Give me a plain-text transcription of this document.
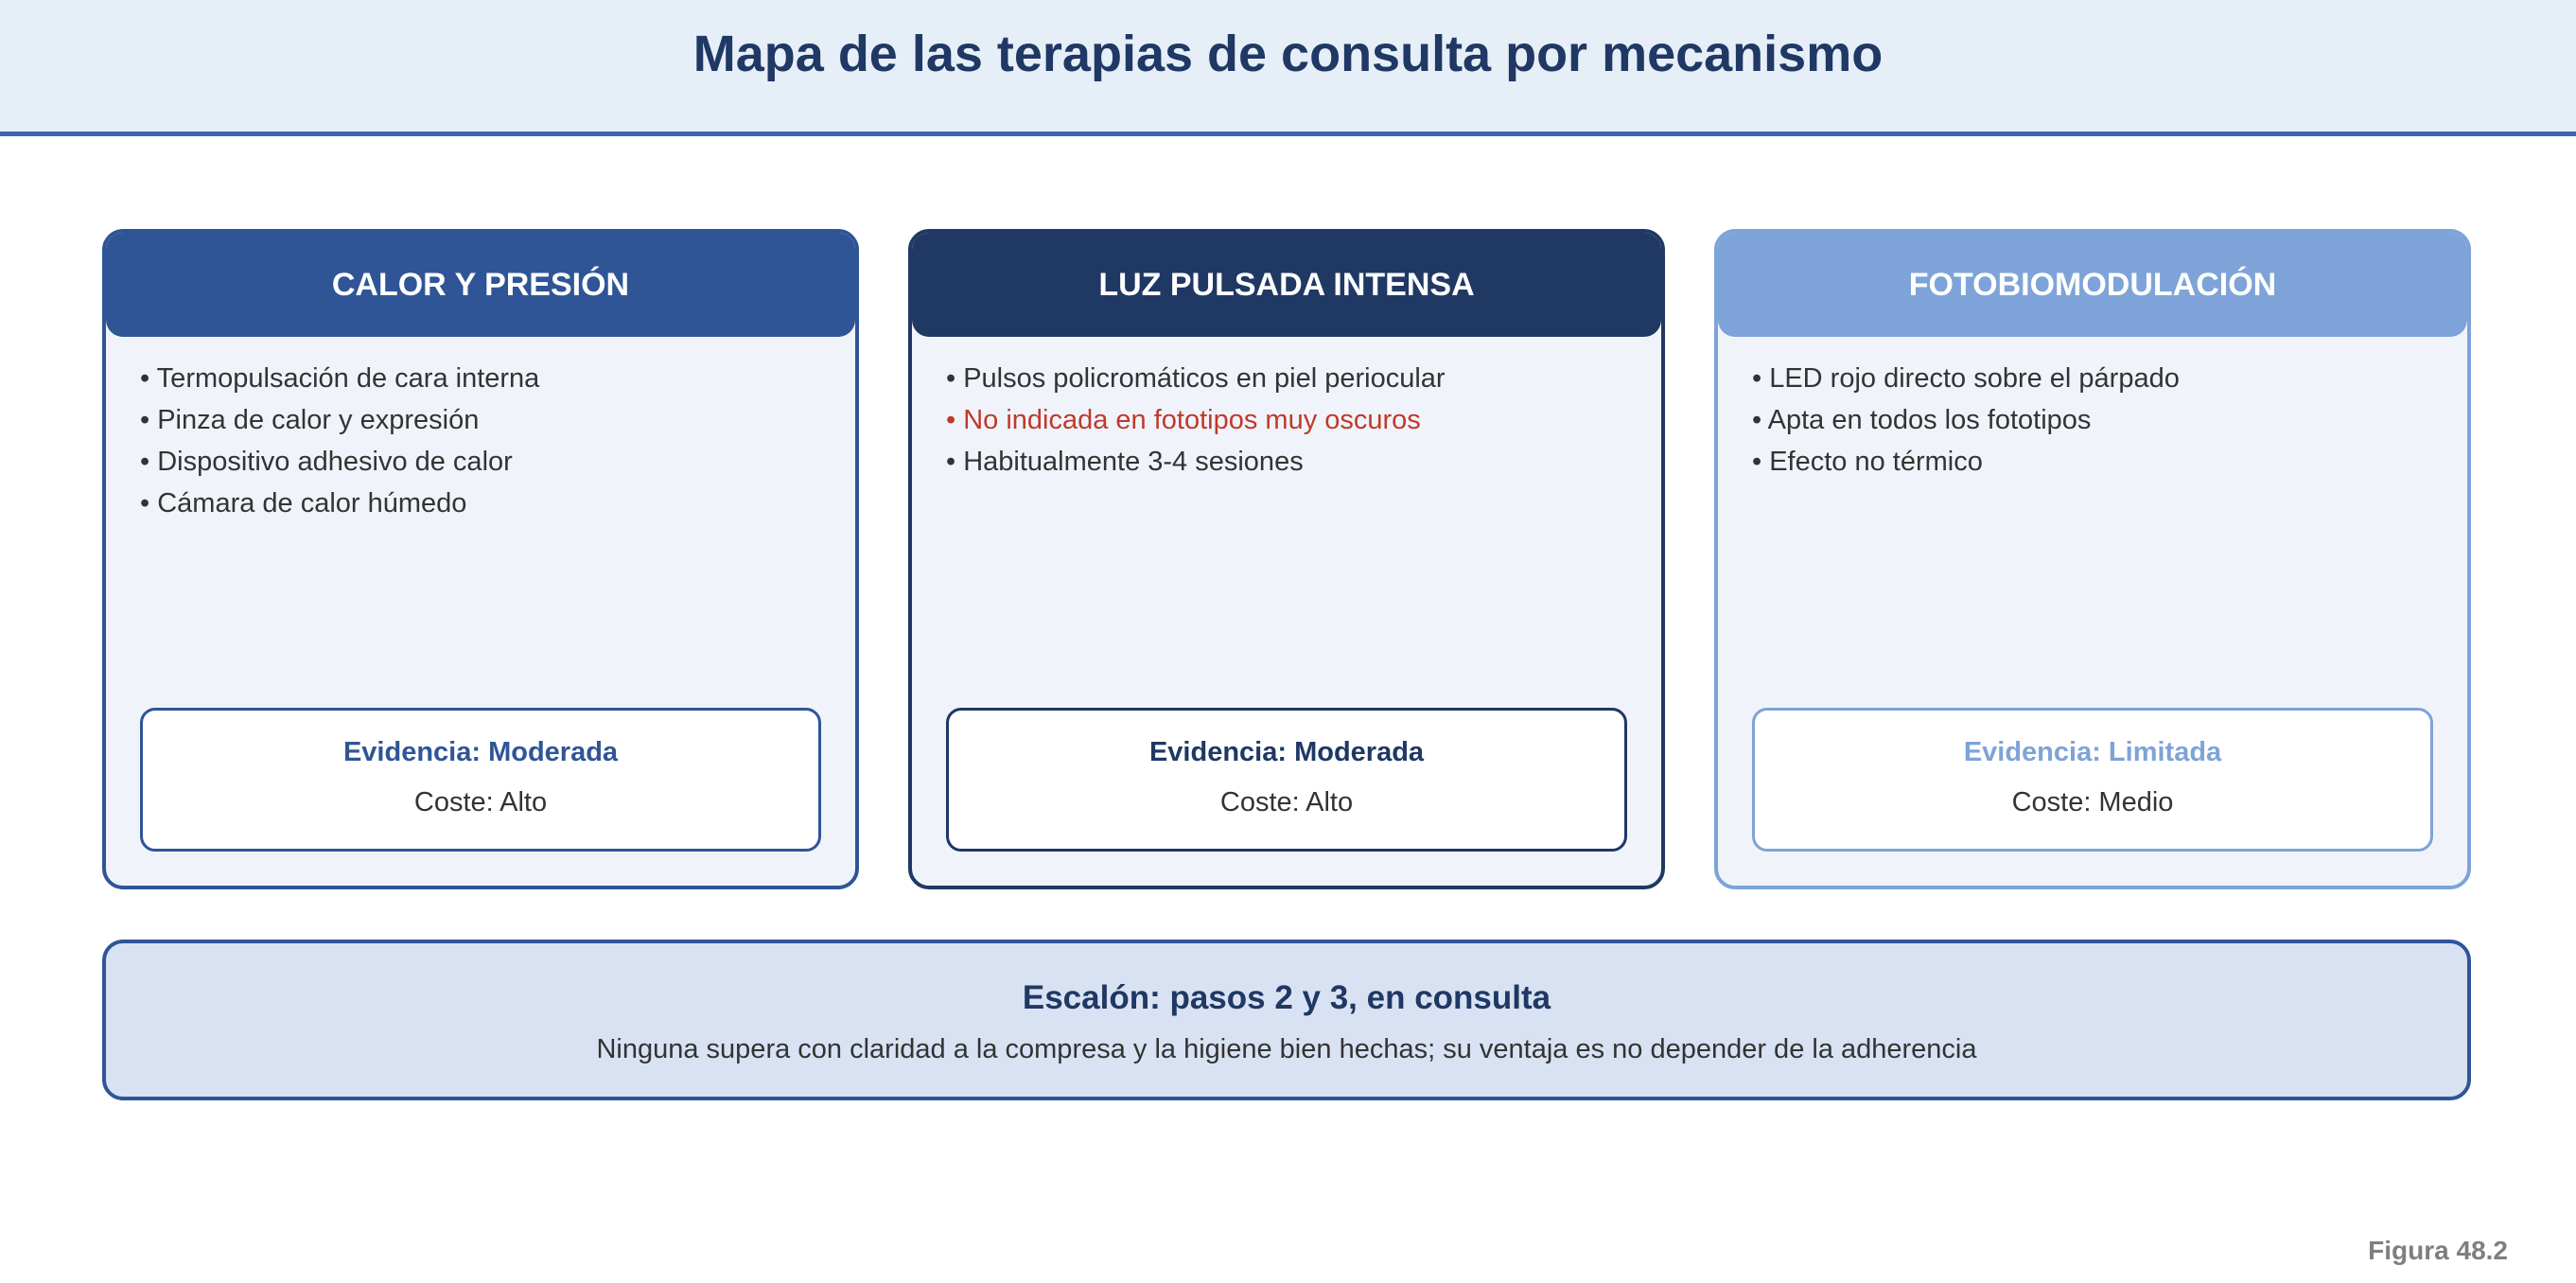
Mapa de las terapias de consulta por mecanismo
CALOR Y PRESIÓN
• Termopulsación de cara interna
• Pinza de calor y expresión
• Dispositivo adhesivo de calor
• Cámara de calor húmedo
Evidencia: Moderada
Coste: Alto
LUZ PULSADA INTENSA
• Pulsos policromáticos en piel periocular
• No indicada en fototipos muy oscuros
• Habitualmente 3-4 sesiones
Evidencia: Moderada
Coste: Alto
FOTOBIOMODULACIÓN
• LED rojo directo sobre el párpado
• Apta en todos los fototipos
• Efecto no térmico
Evidencia: Limitada
Coste: Medio
Escalón: pasos 2 y 3, en consulta
Ninguna supera con claridad a la compresa y la higiene bien hechas; su ventaja es no depender de la adherencia
Figura 48.2
